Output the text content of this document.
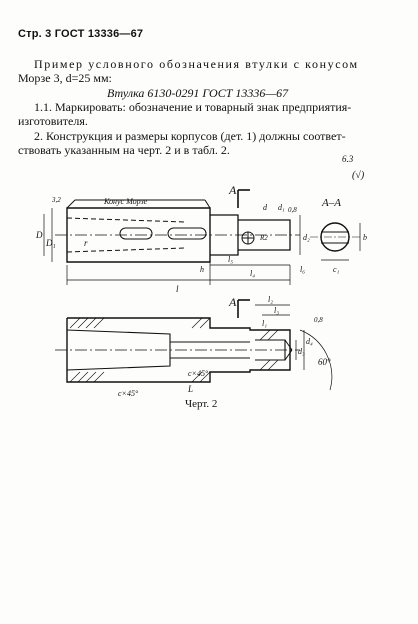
Стр. 3 ГОСТ 13336—67
Пример условного обозначения втулки с конусом
Морзе 3, d=25 мм:
Втулка 6130-0291 ГОСТ 13336—67
1.1. Маркировать: обозначение и товарный знак предприятия-
изготовителя.
2. Конструкция и размеры корпусов (дет. 1) должны соответ-
ствовать указанным на черт. 2 и в табл. 2.
6.3
(√)
А
А
А–А
Конус Морзе
3,2
0,8
D
D₁	r
d d₁
d₂
R2	b
c₁
l
l₄
l₅
l₆
h
l₂
l₃
l₁
d₃
d₄
0,8
60°
L
c×45°
c×45°
Черт. 2
